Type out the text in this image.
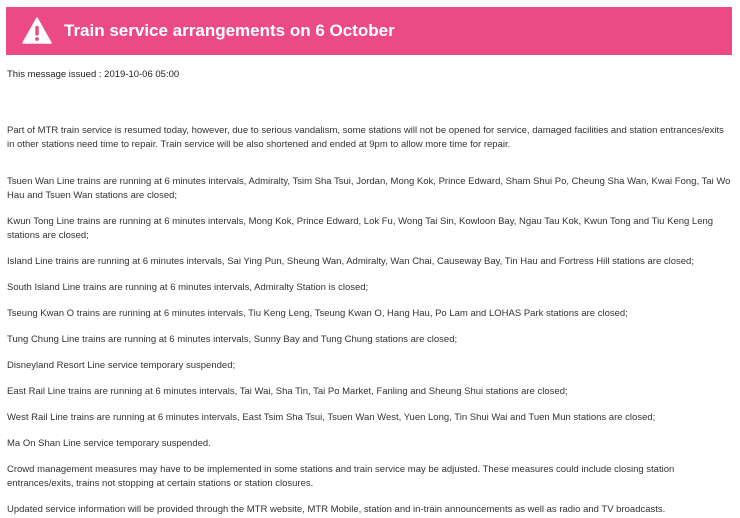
Train service arrangements on 6 October
This message issued : 2019-10-06 05:00

Part of MTR train service is resumed today, however, due to serious vandalism, some stations will not be opened for service, damaged facilities and station entrances/exits in other stations need time to repair. Train service will be also shortened and ended at 9pm to allow more time for repair.

Tsuen Wan Line trains are running at 6 minutes intervals, Admiralty, Tsim Sha Tsui, Jordan, Mong Kok, Prince Edward, Sham Shui Po, Cheung Sha Wan, Kwai Fong, Tai Wo Hau and Tsuen Wan stations are closed;

Kwun Tong Line trains are running at 6 minutes intervals, Mong Kok, Prince Edward, Lok Fu, Wong Tai Sin, Kowloon Bay, Ngau Tau Kok, Kwun Tong and Tiu Keng Leng stations are closed;

Island Line trains are running at 6 minutes intervals, Sai Ying Pun, Sheung Wan, Admiralty, Wan Chai, Causeway Bay, Tin Hau and Fortress Hill stations are closed;

South Island Line trains are running at 6 minutes intervals, Admiralty Station is closed;

Tseung Kwan O trains are running at 6 minutes intervals, Tiu Keng Leng, Tseung Kwan O, Hang Hau, Po Lam and LOHAS Park stations are closed;

Tung Chung Line trains are running at 6 minutes intervals, Sunny Bay and Tung Chung stations are closed;

Disneyland Resort Line service temporary suspended;

East Rail Line trains are running at 6 minutes intervals, Tai Wai, Sha Tin, Tai Po Market, Fanling and Sheung Shui stations are closed;

West Rail Line trains are running at 6 minutes intervals, East Tsim Sha Tsui, Tsuen Wan West, Yuen Long, Tin Shui Wai and Tuen Mun stations are closed;

Ma On Shan Line service temporary suspended.

Crowd management measures may have to be implemented in some stations and train service may be adjusted. These measures could include closing station entrances/exits, trains not stopping at certain stations or station closures.

Updated service information will be provided through the MTR website, MTR Mobile, station and in-train announcements as well as radio and TV broadcasts.
